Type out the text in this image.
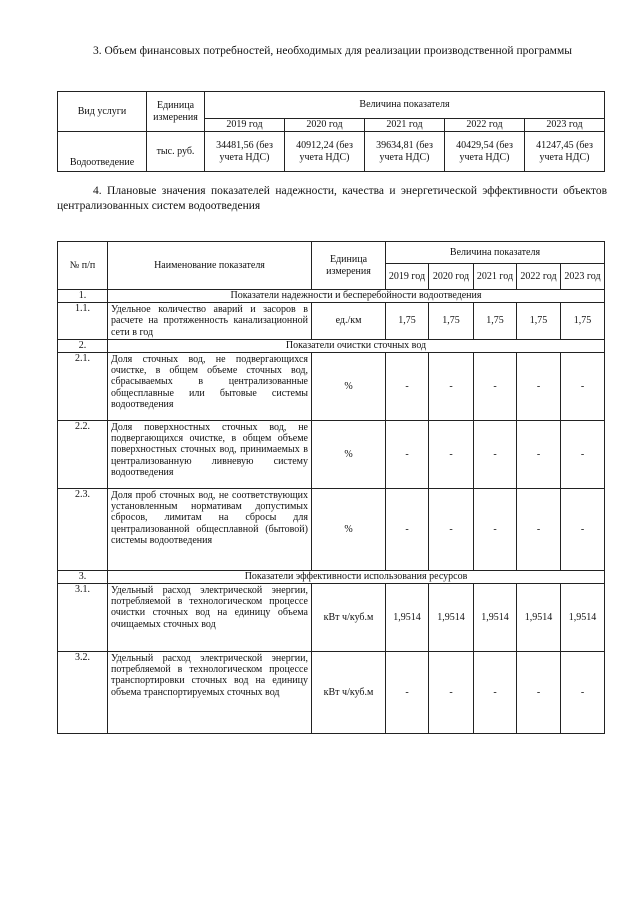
3. Объем финансовых потребностей, необходимых для реализации производственной программы
Вид услуги	Единица измерения	Величина показателя				
		2019 год	2020 год	2021 год	2022 год	2023 год
Водоотведение	тыс. руб.	34481,56 (без учета НДС)	40912,24 (без учета НДС)	39634,81 (без учета НДС)	40429,54 (без учета НДС)	41247,45 (без учета НДС)
4. Плановые значения показателей надежности, качества и энергетической эффективности объектов централизованных систем водоотведения
№ п/п	Наименование показателя	Единица измерения	Величина показателя				
			2019 год	2020 год	2021 год	2022 год	2023 год
1.	Показатели надежности и бесперебойности водоотведения						
1.1.	Удельное количество аварий и засоров в расчете на протяженность канализационной сети в год	ед./км	1,75	1,75	1,75	1,75	1,75
2.	Показатели очистки сточных вод						
2.1.	Доля сточных вод, не подвергающихся очистке, в общем объеме сточных вод, сбрасываемых в централизованные общесплавные или бытовые системы водоотведения	%	-	-	-	-	-
2.2.	Доля поверхностных сточных вод, не подвергающихся очистке, в общем объеме поверхностных сточных вод, принимаемых в централизованную ливневую систему водоотведения	%	-	-	-	-	-
2.3.	Доля проб сточных вод, не соответствующих установленным нормативам допустимых сбросов, лимитам на сбросы для централизованной общесплавной (бытовой) системы водоотведения	%	-	-	-	-	-
3.	Показатели эффективности использования ресурсов						
3.1.	Удельный расход электрической энергии, потребляемой в технологическом процессе очистки сточных вод на единицу объема очищаемых сточных вод	кВт ч/куб.м	1,9514	1,9514	1,9514	1,9514	1,9514
3.2.	Удельный расход электрической энергии, потребляемой в технологическом процессе транспортировки сточных вод на единицу объема транспортируемых сточных вод	кВт ч/куб.м	-	-	-	-	-
